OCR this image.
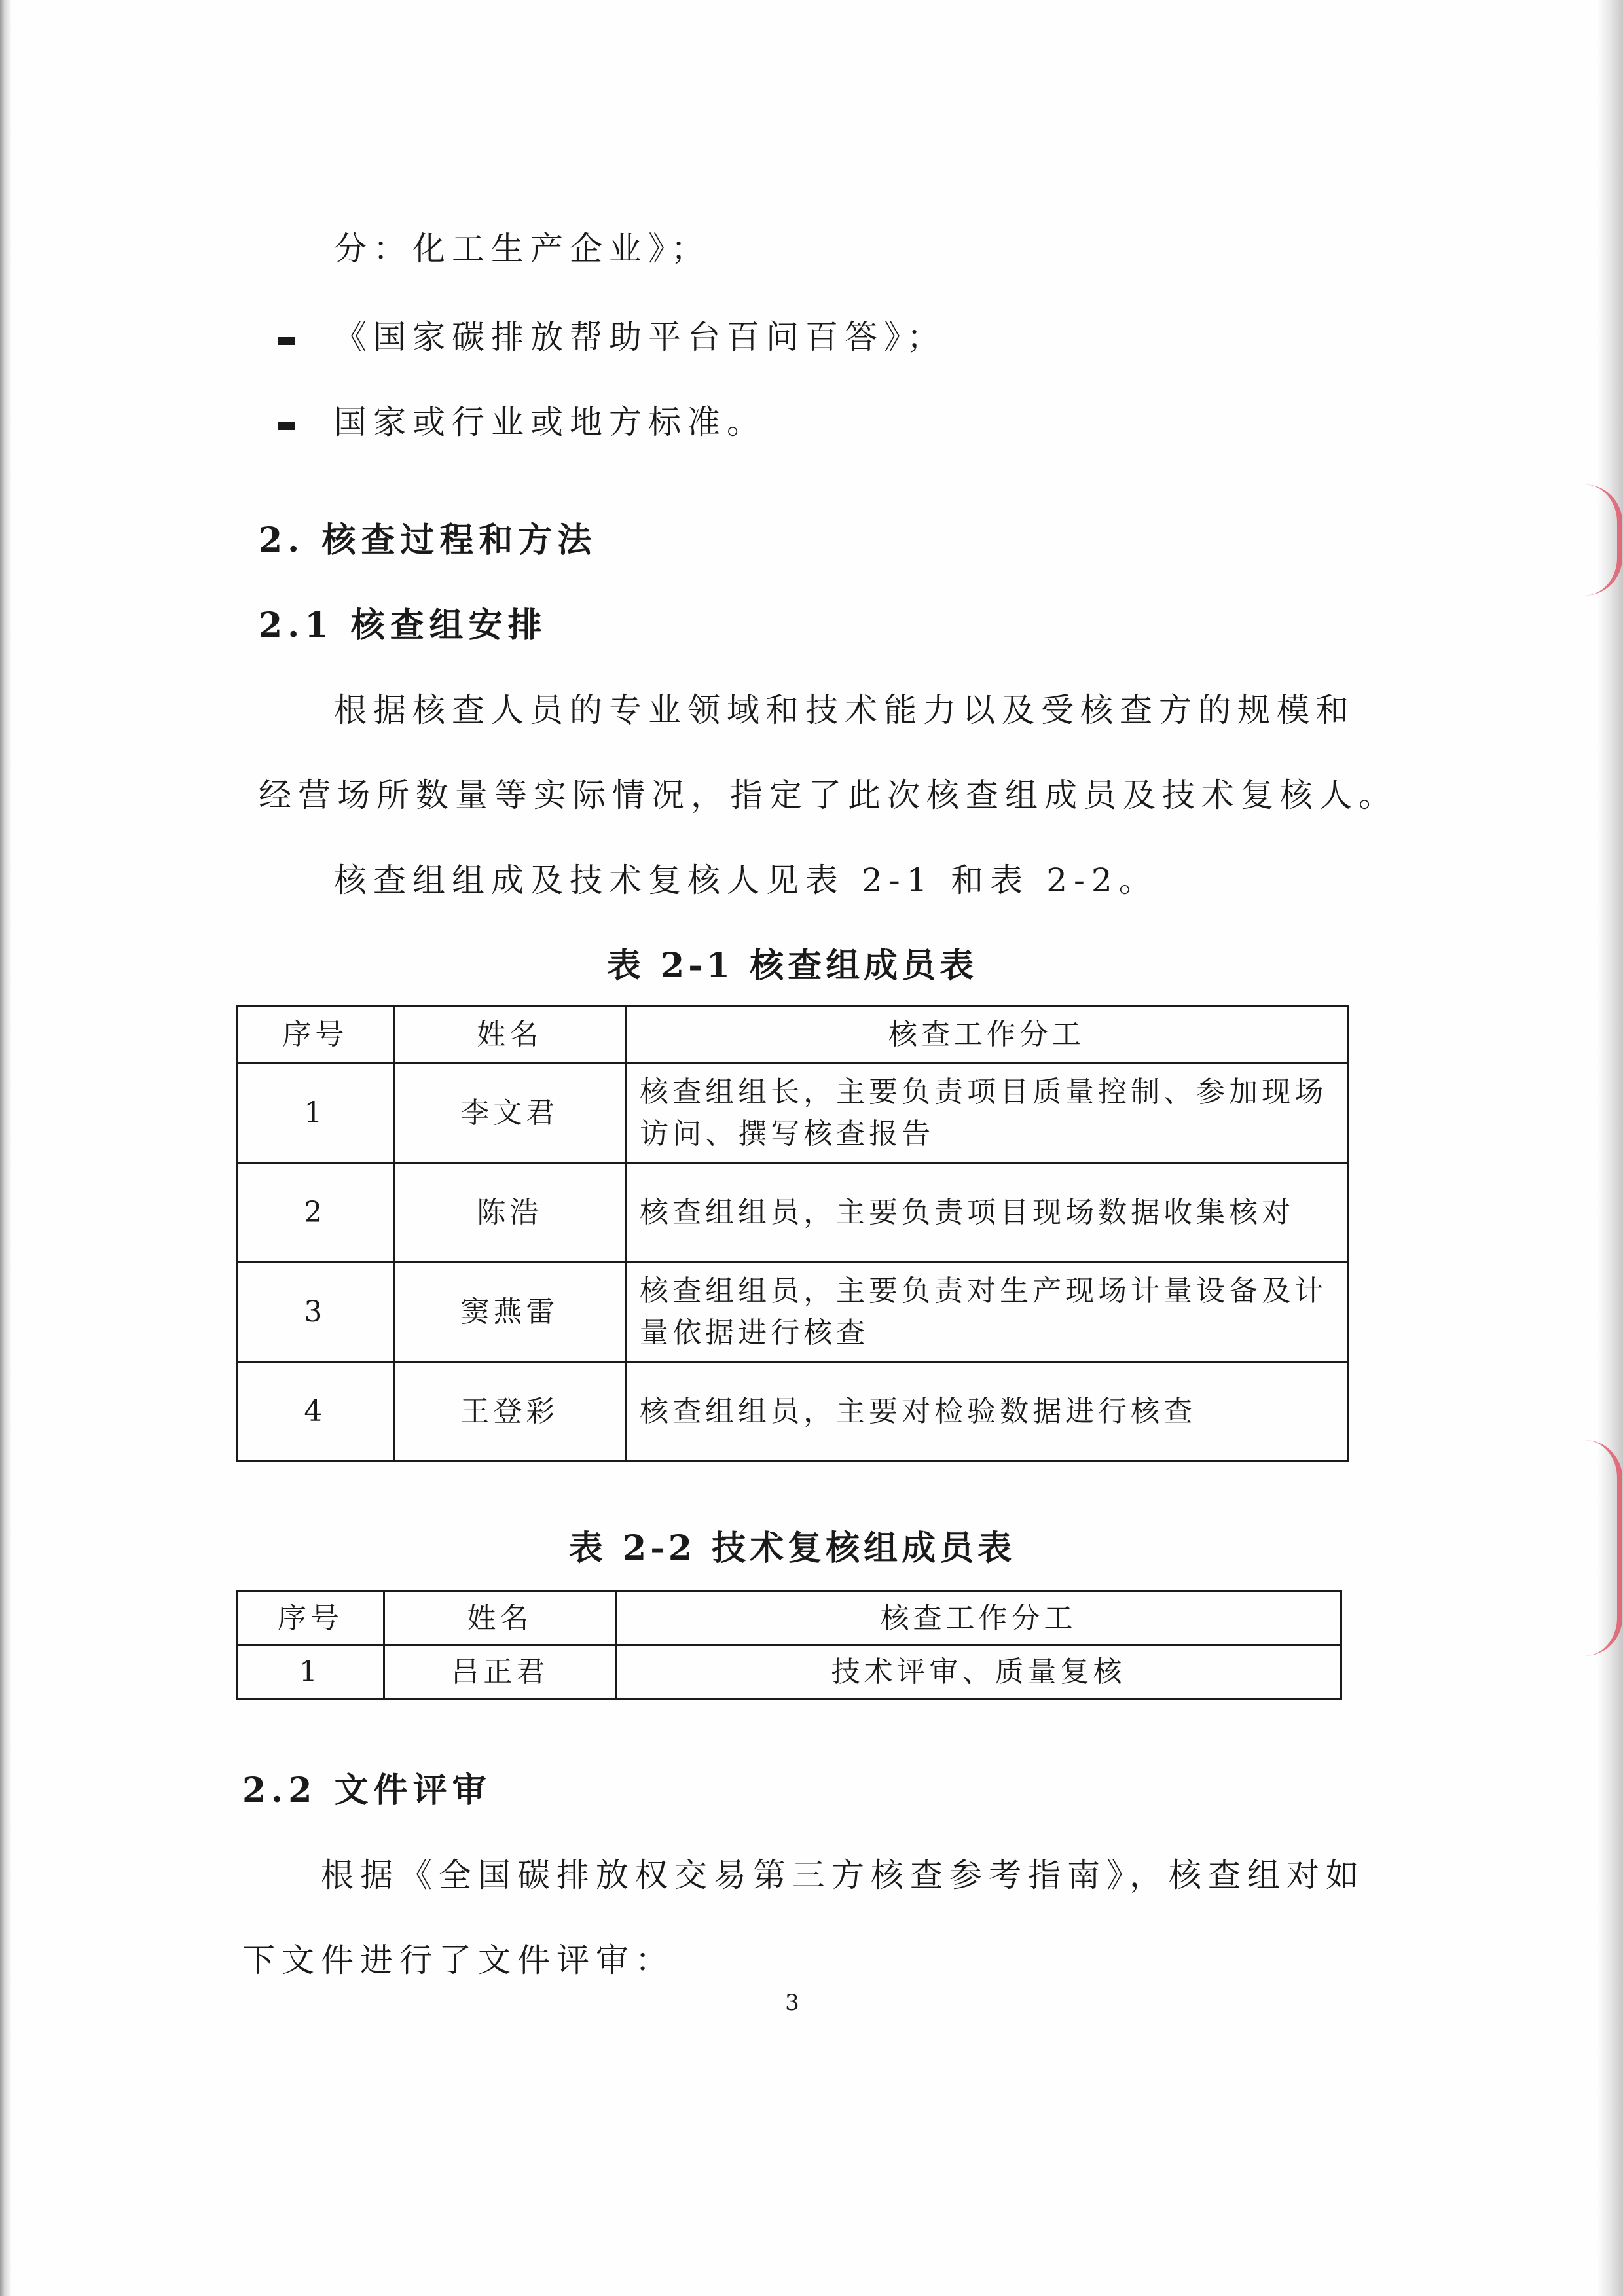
分：化工生产企业》；
《国家碳排放帮助平台百问百答》；
国家或行业或地方标准。
2. 核查过程和方法
2.1 核查组安排
根据核查人员的专业领域和技术能力以及受核查方的规模和
经营场所数量等实际情况，指定了此次核查组成员及技术复核人。
核查组组成及技术复核人见表 2-1 和表 2-2。
表 2-1 核查组成员表
序号	姓名	核查工作分工
1	李文君	核查组组长，主要负责项目质量控制、参加现场访问、撰写核查报告
2	陈浩	核查组组员，主要负责项目现场数据收集核对
3	窦燕雷	核查组组员，主要负责对生产现场计量设备及计量依据进行核查
4	王登彩	核查组组员，主要对检验数据进行核查
表 2-2 技术复核组成员表
序号	姓名	核查工作分工
1	吕正君	技术评审、质量复核
2.2 文件评审
根据《全国碳排放权交易第三方核查参考指南》，核查组对如
下文件进行了文件评审：
3
